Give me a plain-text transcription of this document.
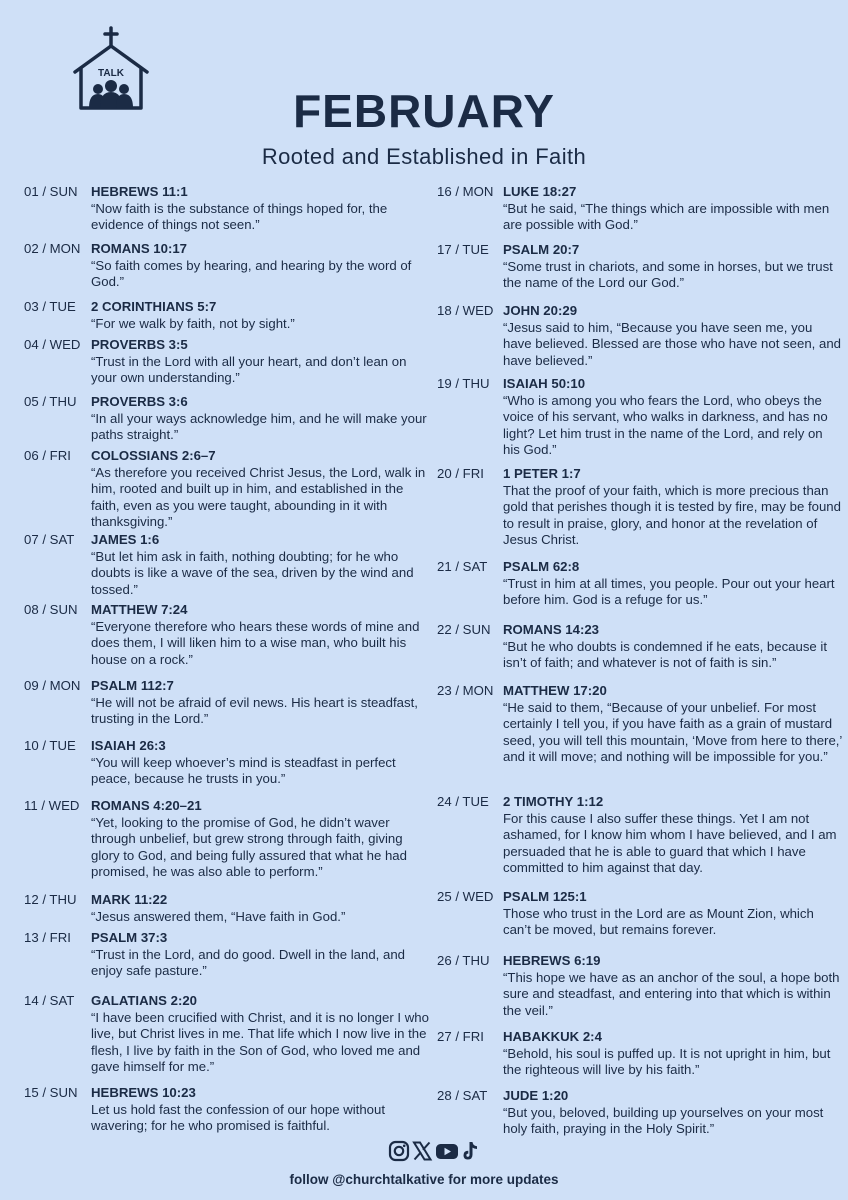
TALK
FEBRUARY
Rooted and Established in Faith
01 / SUN HEBREWS 11:1
“Now faith is the substance of things hoped for, the evidence of things not seen.”
02 / MON ROMANS 10:17
“So faith comes by hearing, and hearing by the word of God.”
03 / TUE 2 CORINTHIANS 5:7
“For we walk by faith, not by sight.”
04 / WED PROVERBS 3:5
“Trust in the Lord with all your heart, and don’t lean on your own understanding.”
05 / THU PROVERBS 3:6
“In all your ways acknowledge him, and he will make your paths straight.”
06 / FRI COLOSSIANS 2:6–7
“As therefore you received Christ Jesus, the Lord, walk in him, rooted and built up in him, and established in the faith, even as you were taught, abounding in it with thanksgiving.”
07 / SAT JAMES 1:6
“But let him ask in faith, nothing doubting; for he who doubts is like a wave of the sea, driven by the wind and tossed.”
08 / SUN MATTHEW 7:24
“Everyone therefore who hears these words of mine and does them, I will liken him to a wise man, who built his house on a rock.”
09 / MON PSALM 112:7
“He will not be afraid of evil news. His heart is steadfast, trusting in the Lord.”
10 / TUE ISAIAH 26:3
“You will keep whoever’s mind is steadfast in perfect peace, because he trusts in you.”
11 / WED ROMANS 4:20–21
“Yet, looking to the promise of God, he didn’t waver through unbelief, but grew strong through faith, giving glory to God, and being fully assured that what he had promised, he was also able to perform.”
12 / THU MARK 11:22
“Jesus answered them, “Have faith in God.”
13 / FRI PSALM 37:3
“Trust in the Lord, and do good. Dwell in the land, and enjoy safe pasture.”
14 / SAT GALATIANS 2:20
“I have been crucified with Christ, and it is no longer I who live, but Christ lives in me. That life which I now live in the flesh, I live by faith in the Son of God, who loved me and gave himself for me.”
15 / SUN HEBREWS 10:23
Let us hold fast the confession of our hope without wavering; for he who promised is faithful.
16 / MON LUKE 18:27
“But he said, “The things which are impossible with men are possible with God.”
17 / TUE PSALM 20:7
“Some trust in chariots, and some in horses, but we trust the name of the Lord our God.”
18 / WED JOHN 20:29
“Jesus said to him, “Because you have seen me, you have believed. Blessed are those who have not seen, and have believed.”
19 / THU ISAIAH 50:10
“Who is among you who fears the Lord, who obeys the voice of his servant, who walks in darkness, and has no light? Let him trust in the name of the Lord, and rely on his God.”
20 / FRI 1 PETER 1:7
That the proof of your faith, which is more precious than gold that perishes though it is tested by fire, may be found to result in praise, glory, and honor at the revelation of Jesus Christ.
21 / SAT PSALM 62:8
“Trust in him at all times, you people. Pour out your heart before him. God is a refuge for us.”
22 / SUN ROMANS 14:23
“But he who doubts is condemned if he eats, because it isn’t of faith; and whatever is not of faith is sin.”
23 / MON MATTHEW 17:20
“He said to them, “Because of your unbelief. For most certainly I tell you, if you have faith as a grain of mustard seed, you will tell this mountain, ‘Move from here to there,’ and it will move; and nothing will be impossible for you.”
24 / TUE 2 TIMOTHY 1:12
For this cause I also suffer these things. Yet I am not ashamed, for I know him whom I have believed, and I am persuaded that he is able to guard that which I have committed to him against that day.
25 / WED PSALM 125:1
Those who trust in the Lord are as Mount Zion, which can’t be moved, but remains forever.
26 / THU HEBREWS 6:19
“This hope we have as an anchor of the soul, a hope both sure and steadfast, and entering into that which is within the veil.”
27 / FRI HABAKKUK 2:4
“Behold, his soul is puffed up. It is not upright in him, but the righteous will live by his faith.”
28 / SAT JUDE 1:20
“But you, beloved, building up yourselves on your most holy faith, praying in the Holy Spirit.”
follow @churchtalkative for more updates
